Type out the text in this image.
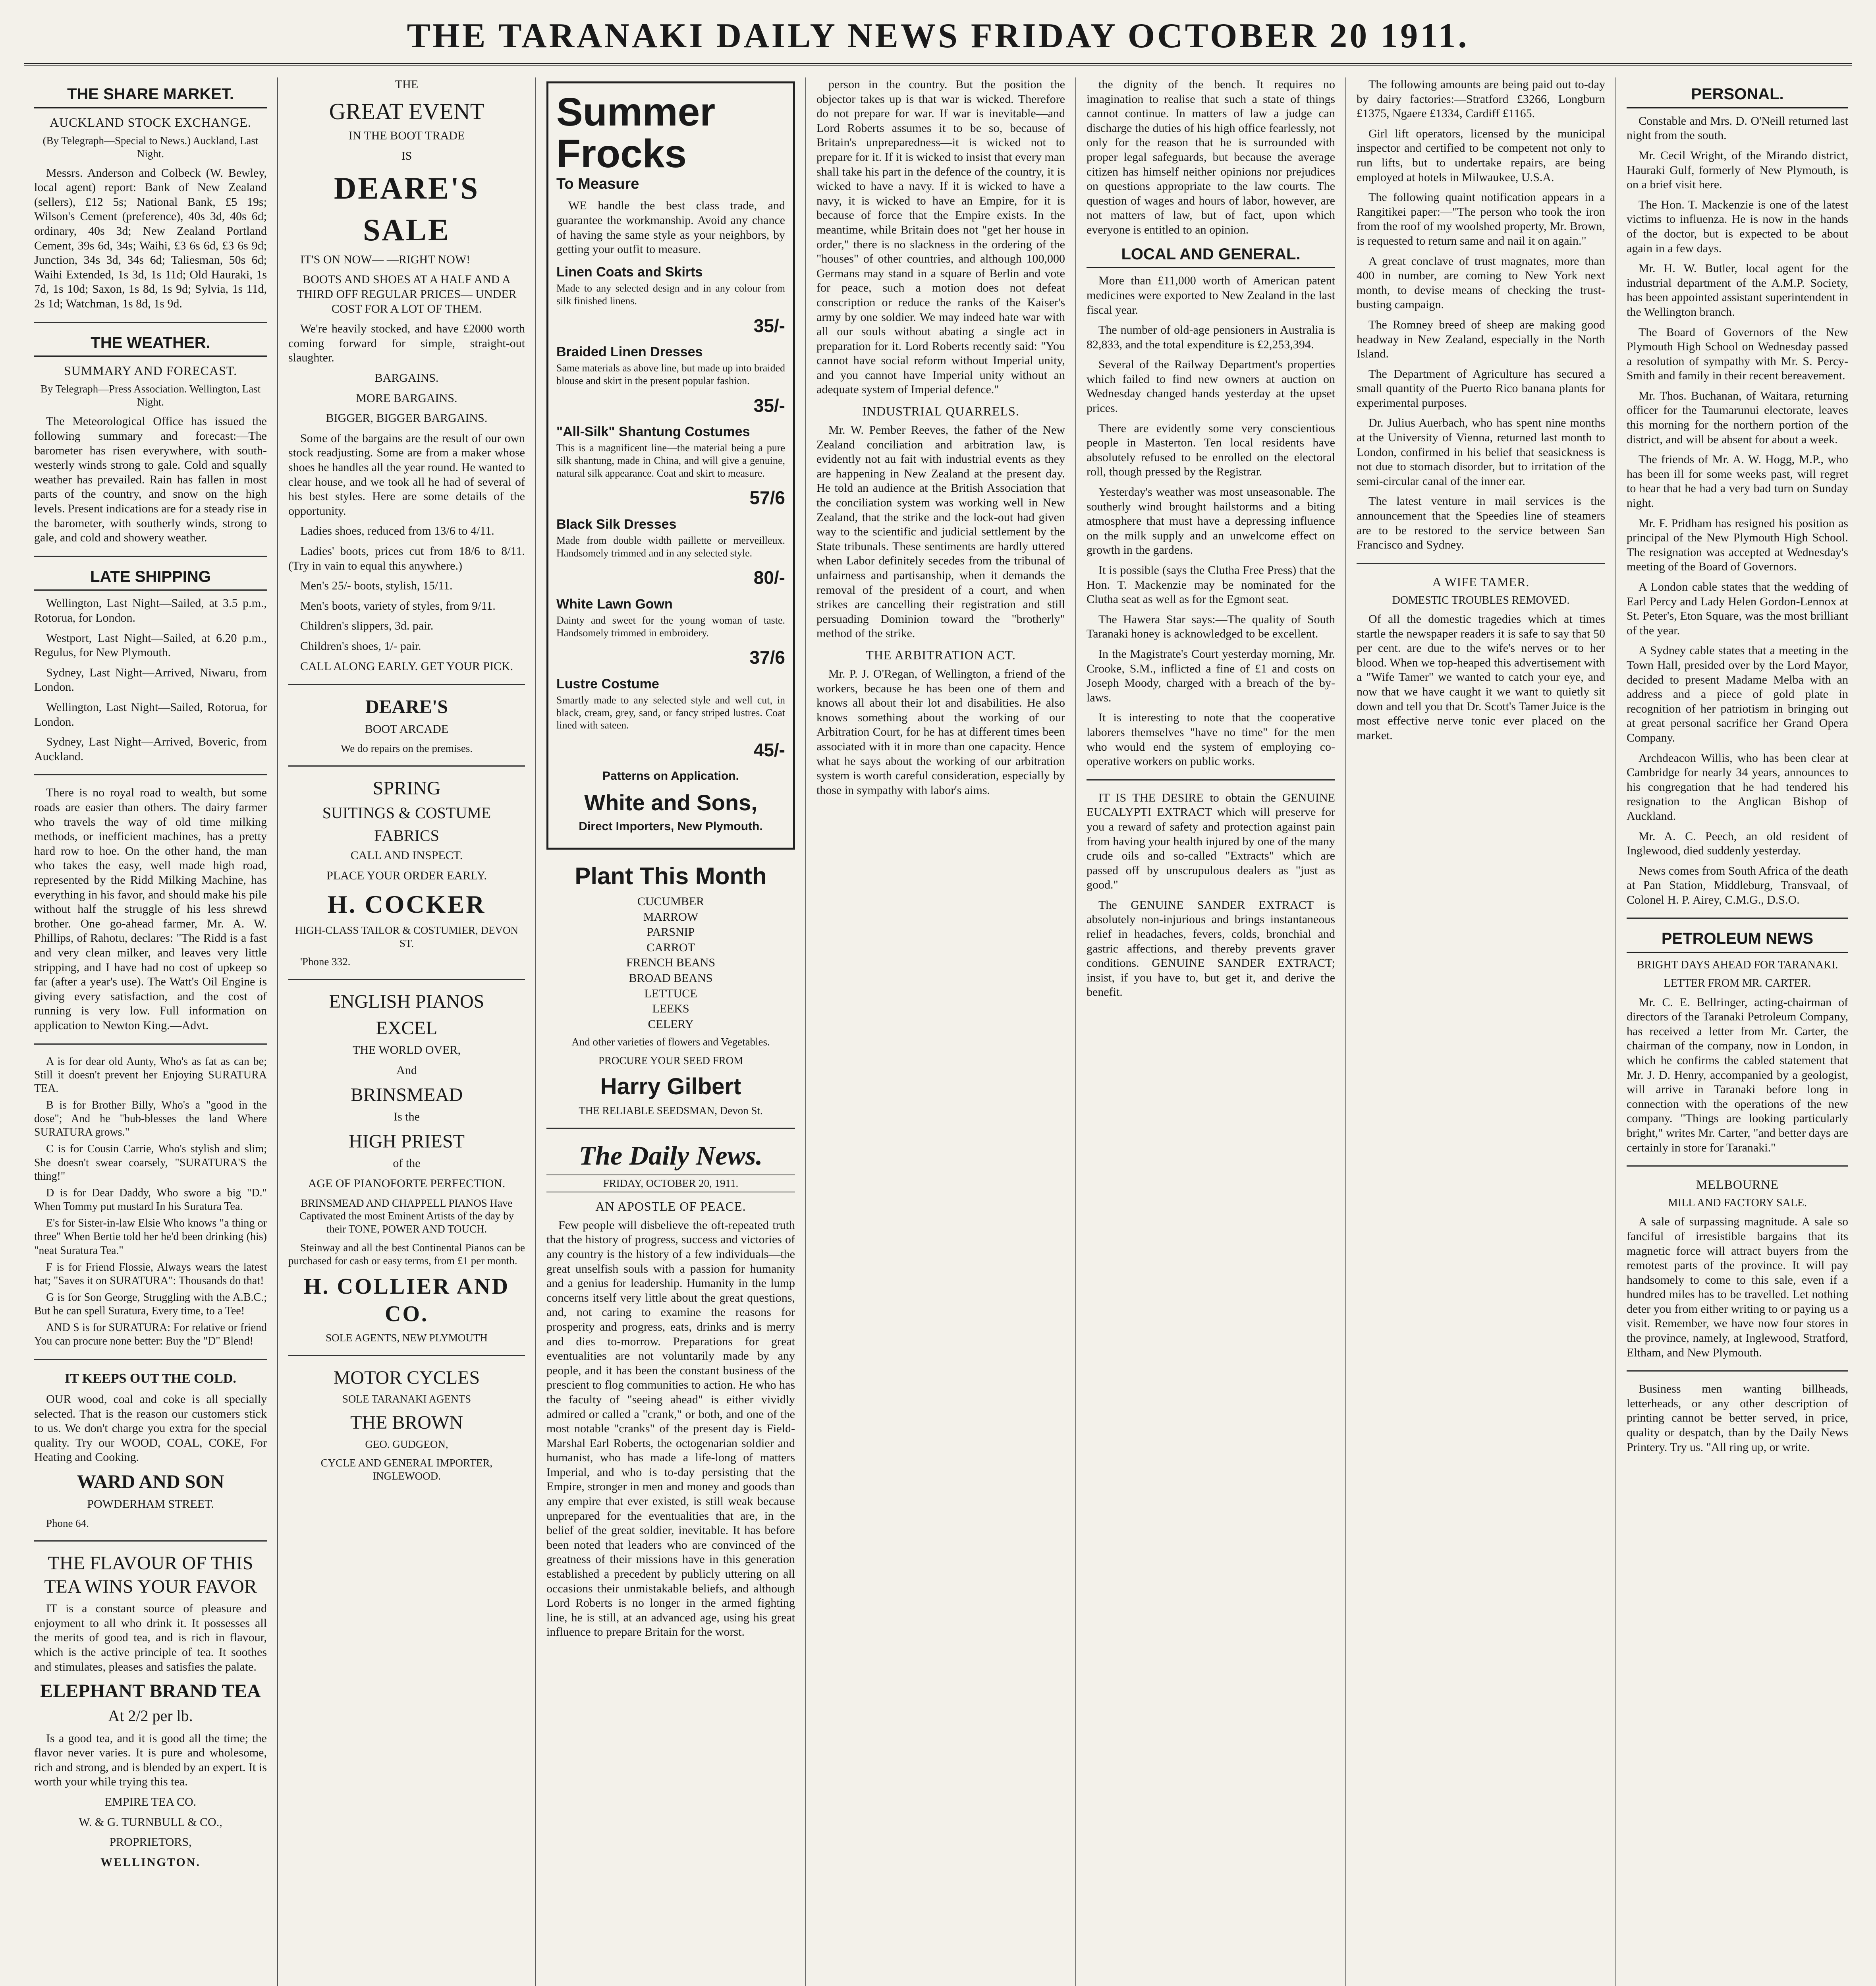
THE TARANAKI DAILY NEWS FRIDAY OCTOBER 20 1911.
THE SHARE MARKET.
AUCKLAND STOCK EXCHANGE.

(By Telegraph—Special to News.) Auckland, Last Night.

Messrs. Anderson and Colbeck (W. Bewley, local agent) report: Bank of New Zealand (sellers), £12 5s; National Bank, £5 19s; Wilson's Cement (preference), 40s 3d, 40s 6d; ordinary, 40s 3d; New Zealand Portland Cement, 39s 6d, 34s; Waihi, £3 6s 6d, £3 6s 9d; Junction, 34s 3d, 34s 6d; Taliesman, 50s 6d; Waihi Extended, 1s 3d, 1s 11d; Old Hauraki, 1s 7d, 1s 10d; Saxon, 1s 8d, 1s 9d; Sylvia, 1s 11d, 2s 1d; Watchman, 1s 8d, 1s 9d.

THE WEATHER.
SUMMARY AND FORECAST.

By Telegraph—Press Association. Wellington, Last Night.

The Meteorological Office has issued the following summary and forecast:—The barometer has risen everywhere, with south-westerly winds strong to gale. Cold and squally weather has prevailed. Rain has fallen in most parts of the country, and snow on the high levels. Present indications are for a steady rise in the barometer, with southerly winds, strong to gale, and cold and showery weather.

LATE SHIPPING

Wellington, Last Night—Sailed, at 3.5 p.m., Rotorua, for London.

Westport, Last Night—Sailed, at 6.20 p.m., Regulus, for New Plymouth.

Sydney, Last Night—Arrived, Niwaru, from London.

Wellington, Last Night—Sailed, Rotorua, for London.

Sydney, Last Night—Arrived, Boveric, from Auckland.

There is no royal road to wealth, but some roads are easier than others. The dairy farmer who travels the way of old time milking methods, or inefficient machines, has a pretty hard row to hoe. On the other hand, the man who takes the easy, well made high road, represented by the Ridd Milking Machine, has everything in his favor, and should make his pile without half the struggle of his less shrewd brother. One go-ahead farmer, Mr. A. W. Phillips, of Rahotu, declares: "The Ridd is a fast and very clean milker, and leaves very little stripping, and I have had no cost of upkeep so far (after a year's use). The Watt's Oil Engine is giving every satisfaction, and the cost of running is very low. Full information on application to Newton King.—Advt.

A is for dear old Aunty, Who's as fat as can be; Still it doesn't prevent her Enjoying SURATURA TEA.

B is for Brother Billy, Who's a "good in the dose"; And he "bub-blesses the land Where SURATURA grows."

C is for Cousin Carrie, Who's stylish and slim; She doesn't swear coarsely, "SURATURA'S the thing!"

D is for Dear Daddy, Who swore a big "D." When Tommy put mustard In his Suratura Tea.

E's for Sister-in-law Elsie Who knows "a thing or three" When Bertie told her he'd been drinking (his) "neat Suratura Tea."

F is for Friend Flossie, Always wears the latest hat; "Saves it on SURATURA": Thousands do that!

G is for Son George, Struggling with the A.B.C.; But he can spell Suratura, Every time, to a Tee!

AND S is for SURATURA: For relative or friend You can procure none better: Buy the "D" Blend!

IT KEEPS OUT THE COLD.

OUR wood, coal and coke is all specially selected. That is the reason our customers stick to us. We don't charge you extra for the special quality. Try our WOOD, COAL, COKE, For Heating and Cooking.

WARD AND SON

POWDERHAM STREET.

Phone 64.

THE FLAVOUR OF THIS TEA WINS YOUR FAVOR

IT is a constant source of pleasure and enjoyment to all who drink it. It possesses all the merits of good tea, and is rich in flavour, which is the active principle of tea. It soothes and stimulates, pleases and satisfies the palate.

ELEPHANT BRAND TEA

At 2/2 per lb.

Is a good tea, and it is good all the time; the flavor never varies. It is pure and wholesome, rich and strong, and is blended by an expert. It is worth your while trying this tea.

EMPIRE TEA CO.

W. & G. TURNBULL & CO.,

PROPRIETORS,

WELLINGTON.

THE

GREAT EVENT

IN THE BOOT TRADE

IS

DEARE'S
SALE

IT'S ON NOW— —RIGHT NOW!

BOOTS AND SHOES AT A HALF AND A THIRD OFF REGULAR PRICES— UNDER COST FOR A LOT OF THEM.

We're heavily stocked, and have £2000 worth coming forward for simple, straight-out slaughter.

BARGAINS.

MORE BARGAINS.

BIGGER, BIGGER BARGAINS.

Some of the bargains are the result of our own stock readjusting. Some are from a maker whose shoes he handles all the year round. He wanted to clear house, and we took all he had of several of his best styles. Here are some details of the opportunity.

Ladies shoes, reduced from 13/6 to 4/11.

Ladies' boots, prices cut from 18/6 to 8/11. (Try in vain to equal this anywhere.)

Men's 25/- boots, stylish, 15/11.

Men's boots, variety of styles, from 9/11.

Children's slippers, 3d. pair.

Children's shoes, 1/- pair.

CALL ALONG EARLY. GET YOUR PICK.

DEARE'S

BOOT ARCADE

We do repairs on the premises.

SPRING
SUITINGS & COSTUME
FABRICS

CALL AND INSPECT.

PLACE YOUR ORDER EARLY.

H. COCKER

HIGH-CLASS TAILOR & COSTUMIER, DEVON ST.

'Phone 332.

ENGLISH PIANOS
EXCEL

THE WORLD OVER,

And

BRINSMEAD

Is the

HIGH PRIEST

of the

AGE OF PIANOFORTE PERFECTION.

BRINSMEAD AND CHAPPELL PIANOS Have Captivated the most Eminent Artists of the day by their TONE, POWER AND TOUCH.

Steinway and all the best Continental Pianos can be purchased for cash or easy terms, from £1 per month.

H. COLLIER AND CO.

SOLE AGENTS, NEW PLYMOUTH

MOTOR CYCLES

SOLE TARANAKI AGENTS

THE BROWN

GEO. GUDGEON,

CYCLE AND GENERAL IMPORTER, INGLEWOOD.

Summer Frocks

To Measure

WE handle the best class trade, and guarantee the workmanship. Avoid any chance of having the same style as your neighbors, by getting your outfit to measure.

Linen Coats and Skirts

Made to any selected design and in any colour from silk finished linens.

35/-
Braided Linen Dresses

Same materials as above line, but made up into braided blouse and skirt in the present popular fashion.

35/-
"All-Silk" Shantung Costumes

This is a magnificent line—the material being a pure silk shantung, made in China, and will give a genuine, natural silk appearance. Coat and skirt to measure.

57/6
Black Silk Dresses

Made from double width paillette or merveilleux. Handsomely trimmed and in any selected style.

80/-
White Lawn Gown

Dainty and sweet for the young woman of taste. Handsomely trimmed in embroidery.

37/6
Lustre Costume

Smartly made to any selected style and well cut, in black, cream, grey, sand, or fancy striped lustres. Coat lined with sateen.

45/-

Patterns on Application.

White and Sons,

Direct Importers, New Plymouth.

Plant This Month
CUCUMBER
MARROW
PARSNIP
CARROT
FRENCH BEANS
BROAD BEANS
LETTUCE
LEEKS
CELERY

And other varieties of flowers and Vegetables.

PROCURE YOUR SEED FROM

Harry Gilbert

THE RELIABLE SEEDSMAN, Devon St.

The Daily News.
FRIDAY, OCTOBER 20, 1911.
AN APOSTLE OF PEACE.

Few people will disbelieve the oft-repeated truth that the history of progress, success and victories of any country is the history of a few individuals—the great unselfish souls with a passion for humanity and a genius for leadership. Humanity in the lump concerns itself very little about the great questions, and, not caring to examine the reasons for prosperity and progress, eats, drinks and is merry and dies to-morrow. Preparations for great eventualities are not voluntarily made by any people, and it has been the constant business of the prescient to flog communities to action. He who has the faculty of "seeing ahead" is either vividly admired or called a "crank," or both, and one of the most notable "cranks" of the present day is Field-Marshal Earl Roberts, the octogenarian soldier and humanist, who has made a life-long of matters Imperial, and who is to-day persisting that the Empire, stronger in men and money and goods than any empire that ever existed, is still weak because unprepared for the eventualities that are, in the belief of the great soldier, inevitable. It has before been noted that leaders who are convinced of the greatness of their missions have in this generation established a precedent by publicly uttering on all occasions their unmistakable beliefs, and although Lord Roberts is no longer in the armed fighting line, he is still, at an advanced age, using his great influence to prepare Britain for the worst.

person in the country. But the position the objector takes up is that war is wicked. Therefore do not prepare for war. If war is inevitable—and Lord Roberts assumes it to be so, because of Britain's unpreparedness—it is wicked not to prepare for it. If it is wicked to insist that every man shall take his part in the defence of the country, it is wicked to have a navy. If it is wicked to have a navy, it is wicked to have an Empire, for it is because of force that the Empire exists. In the meantime, while Britain does not "get her house in order," there is no slackness in the ordering of the "houses" of other countries, and although 100,000 Germans may stand in a square of Berlin and vote for peace, such a motion does not defeat conscription or reduce the ranks of the Kaiser's army by one soldier. We may indeed hate war with all our souls without abating a single act in preparation for it. Lord Roberts recently said: "You cannot have social reform without Imperial unity, and you cannot have Imperial unity without an adequate system of Imperial defence."

INDUSTRIAL QUARRELS.

Mr. W. Pember Reeves, the father of the New Zealand conciliation and arbitration law, is evidently not au fait with industrial events as they are happening in New Zealand at the present day. He told an audience at the British Association that the conciliation system was working well in New Zealand, that the strike and the lock-out had given way to the scientific and judicial settlement by the State tribunals. These sentiments are hardly uttered when Labor definitely secedes from the tribunal of unfairness and partisanship, when it demands the removal of the president of a court, and when strikes are cancelling their registration and still persuading Dominion toward the "brotherly" method of the strike.

THE ARBITRATION ACT.

Mr. P. J. O'Regan, of Wellington, a friend of the workers, because he has been one of them and knows all about their lot and disabilities. He also knows something about the working of our Arbitration Court, for he has at different times been associated with it in more than one capacity. Hence what he says about the working of our arbitration system is worth careful consideration, especially by those in sympathy with labor's aims.

the dignity of the bench. It requires no imagination to realise that such a state of things cannot continue. In matters of law a judge can discharge the duties of his high office fearlessly, not only for the reason that he is surrounded with proper legal safeguards, but because the average citizen has himself neither opinions nor prejudices on questions appropriate to the law courts. The question of wages and hours of labor, however, are not matters of law, but of fact, upon which everyone is entitled to an opinion.

LOCAL AND GENERAL.

More than £11,000 worth of American patent medicines were exported to New Zealand in the last fiscal year.

The number of old-age pensioners in Australia is 82,833, and the total expenditure is £2,253,394.

Several of the Railway Department's properties which failed to find new owners at auction on Wednesday changed hands yesterday at the upset prices.

There are evidently some very conscientious people in Masterton. Ten local residents have absolutely refused to be enrolled on the electoral roll, though pressed by the Registrar.

Yesterday's weather was most unseasonable. The southerly wind brought hailstorms and a biting atmosphere that must have a depressing influence on the milk supply and an unwelcome effect on growth in the gardens.

It is possible (says the Clutha Free Press) that the Hon. T. Mackenzie may be nominated for the Clutha seat as well as for the Egmont seat.

The Hawera Star says:—The quality of South Taranaki honey is acknowledged to be excellent.

In the Magistrate's Court yesterday morning, Mr. Crooke, S.M., inflicted a fine of £1 and costs on Joseph Moody, charged with a breach of the by-laws.

It is interesting to note that the cooperative laborers themselves "have no time" for the men who would end the system of employing co-operative workers on public works.

IT IS THE DESIRE to obtain the GENUINE EUCALYPTI EXTRACT which will preserve for you a reward of safety and protection against pain from having your health injured by one of the many crude oils and so-called "Extracts" which are passed off by unscrupulous dealers as "just as good."

The GENUINE SANDER EXTRACT is absolutely non-injurious and brings instantaneous relief in headaches, fevers, colds, bronchial and gastric affections, and thereby prevents graver conditions. GENUINE SANDER EXTRACT; insist, if you have to, but get it, and derive the benefit.

The following amounts are being paid out to-day by dairy factories:—Stratford £3266, Longburn £1375, Ngaere £1334, Cardiff £1165.

Girl lift operators, licensed by the municipal inspector and certified to be competent not only to run lifts, but to undertake repairs, are being employed at hotels in Milwaukee, U.S.A.

The following quaint notification appears in a Rangitikei paper:—"The person who took the iron from the roof of my woolshed property, Mr. Brown, is requested to return same and nail it on again."

A great conclave of trust magnates, more than 400 in number, are coming to New York next month, to devise means of checking the trust-busting campaign.

The Romney breed of sheep are making good headway in New Zealand, especially in the North Island.

The Department of Agriculture has secured a small quantity of the Puerto Rico banana plants for experimental purposes.

Dr. Julius Auerbach, who has spent nine months at the University of Vienna, returned last month to London, confirmed in his belief that seasickness is not due to stomach disorder, but to irritation of the semi-circular canal of the inner ear.

The latest venture in mail services is the announcement that the Speedies line of steamers are to be restored to the service between San Francisco and Sydney.

A WIFE TAMER.
DOMESTIC TROUBLES REMOVED.

Of all the domestic tragedies which at times startle the newspaper readers it is safe to say that 50 per cent. are due to the wife's nerves or to her blood. When we top-heaped this advertisement with a "Wife Tamer" we wanted to catch your eye, and now that we have caught it we want to quietly sit down and tell you that Dr. Scott's Tamer Juice is the most effective nerve tonic ever placed on the market.

PERSONAL.

Constable and Mrs. D. O'Neill returned last night from the south.

Mr. Cecil Wright, of the Mirando district, Hauraki Gulf, formerly of New Plymouth, is on a brief visit here.

The Hon. T. Mackenzie is one of the latest victims to influenza. He is now in the hands of the doctor, but is expected to be about again in a few days.

Mr. H. W. Butler, local agent for the industrial department of the A.M.P. Society, has been appointed assistant superintendent in the Wellington branch.

The Board of Governors of the New Plymouth High School on Wednesday passed a resolution of sympathy with Mr. S. Percy-Smith and family in their recent bereavement.

Mr. Thos. Buchanan, of Waitara, returning officer for the Taumarunui electorate, leaves this morning for the northern portion of the district, and will be absent for about a week.

The friends of Mr. A. W. Hogg, M.P., who has been ill for some weeks past, will regret to hear that he had a very bad turn on Sunday night.

Mr. F. Pridham has resigned his position as principal of the New Plymouth High School. The resignation was accepted at Wednesday's meeting of the Board of Governors.

A London cable states that the wedding of Earl Percy and Lady Helen Gordon-Lennox at St. Peter's, Eton Square, was the most brilliant of the year.

A Sydney cable states that a meeting in the Town Hall, presided over by the Lord Mayor, decided to present Madame Melba with an address and a piece of gold plate in recognition of her patriotism in bringing out at great personal sacrifice her Grand Opera Company.

Archdeacon Willis, who has been clear at Cambridge for nearly 34 years, announces to his congregation that he had tendered his resignation to the Anglican Bishop of Auckland.

Mr. A. C. Peech, an old resident of Inglewood, died suddenly yesterday.

News comes from South Africa of the death at Pan Station, Middleburg, Transvaal, of Colonel H. P. Airey, C.M.G., D.S.O.

PETROLEUM NEWS
BRIGHT DAYS AHEAD FOR TARANAKI.
LETTER FROM MR. CARTER.

Mr. C. E. Bellringer, acting-chairman of directors of the Taranaki Petroleum Company, has received a letter from Mr. Carter, the chairman of the company, now in London, in which he confirms the cabled statement that Mr. J. D. Henry, accompanied by a geologist, will arrive in Taranaki before long in connection with the operations of the new company. "Things are looking particularly bright," writes Mr. Carter, "and better days are certainly in store for Taranaki."

MELBOURNE
MILL AND FACTORY SALE.

A sale of surpassing magnitude. A sale so fanciful of irresistible bargains that its magnetic force will attract buyers from the remotest parts of the province. It will pay handsomely to come to this sale, even if a hundred miles has to be travelled. Let nothing deter you from either writing to or paying us a visit. Remember, we have now four stores in the province, namely, at Inglewood, Stratford, Eltham, and New Plymouth.

Business men wanting billheads, letterheads, or any other description of printing cannot be better served, in price, quality or despatch, than by the Daily News Printery. Try us. "All ring up, or write.
